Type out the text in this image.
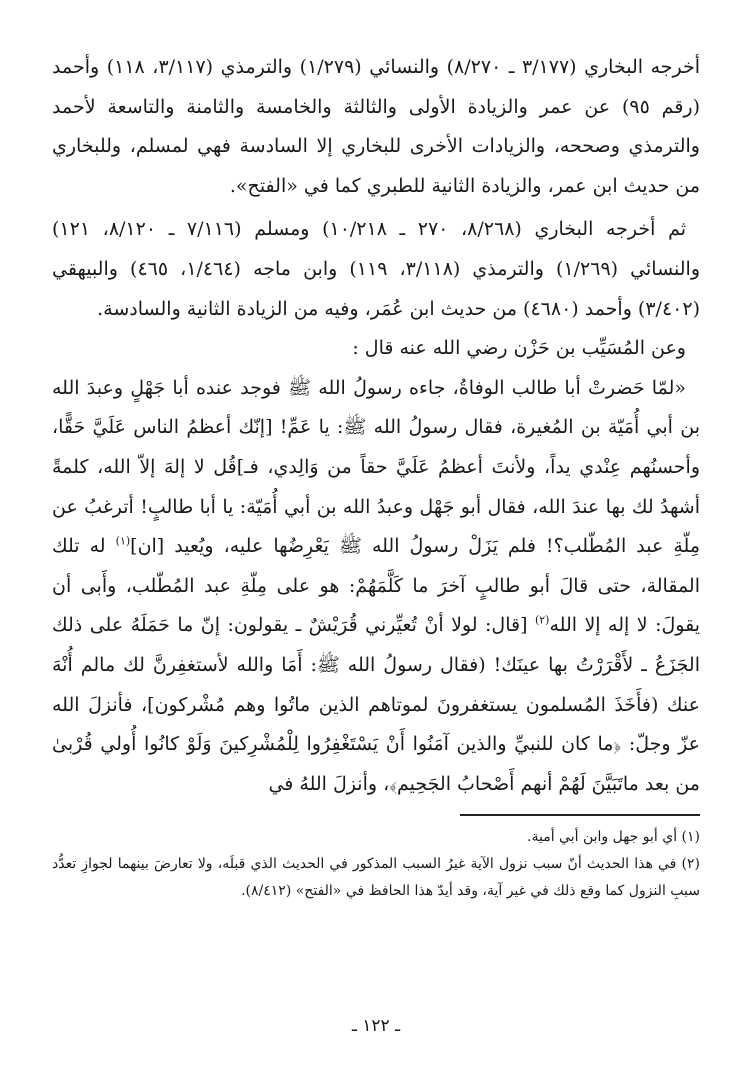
أخرجه البخاري (٣/١٧٧ ـ ٨/٢٧٠) والنسائي (١/٢٧٩) والترمذي (٣/١١٧، ١١٨) وأحمد (رقم ٩٥) عن عمر والزيادة الأولى والثالثة والخامسة والثامنة والتاسعة لأحمد والترمذي وصححه، والزيادات الأخرى للبخاري إلا السادسة فهي لمسلم، وللبخاري من حديث ابن عمر، والزيادة الثانية للطبري كما في «الفتح».

ثم أخرجه البخاري (٨/٢٦٨، ٢٧٠ ـ ١٠/٢١٨) ومسلم (٧/١١٦ ـ ٨/١٢٠، ١٢١) والنسائي (١/٢٦٩) والترمذي (٣/١١٨، ١١٩) وابن ماجه (١/٤٦٤، ٤٦٥) والبيهقي (٣/٤٠٢) وأحمد (٤٦٨٠) من حديث ابن عُمَر، وفيه من الزيادة الثانية والسادسة.

وعن المُسَيِّب بن حَزْن رضي الله عنه قال :

«لمّا حَضرتْ أبا طالب الوفاةُ، جاءه رسولُ الله ﷺ فوجد عنده أبا جَهْلٍ وعبدَ الله بن أبي أُمَيّة بن المُغيرة، فقال رسولُ الله ﷺ: يا عَمِّ! [إنّك أعظمُ الناس عَلَيَّ حَقًّا، وأحسنُهم عِنْدي يداً، ولأنتَ أعظمُ عَلَيَّ حقاً من وَالِدي، فـ]قُل لا إلهَ إلاّ الله، كلمةً أشهدُ لك بها عندَ الله، فقال أبو جَهْل وعبدُ الله بن أبي أُمَيّة: يا أبا طالبٍ! أترغبُ عن مِلّةِ عبد المُطّلب؟! فلم يَزَلْ رسولُ الله ﷺ يَعْرِضُها عليه، ويُعيد [ان]$^{(١)}$ له تلك المقالة، حتى قالَ أبو طالبٍ آخرَ ما كَلَّمَهُمْ: هو على مِلّةِ عبد المُطّلب، وأَبى أن يقولَ: لا إله إلا الله$^{(٢)}$ [قال: لولا أنْ تُعيِّرني قُرَيْشٌ ـ يقولون: إنّ ما حَمَلَهُ على ذلك الجَزَعُ ـ لأَقْرَرْتُ بها عينَك! (فقال رسولُ الله ﷺ: أَمَا والله لأستغفِرنَّ لك مالم أُنْهَ عنك (فأَخَذَ المُسلمون يستغفرونَ لموتاهم الذين ماتُوا وهم مُشْركون]، فأنزلَ الله عزّ وجلّ: ﴿ما كان للنبيِّ والذين آمَنُوا أَنْ يَسْتَغْفِرُوا لِلْمُشْرِكينَ وَلَوْ كانُوا أُولي قُرْبىٰ من بعد ماتَبَيَّنَ لَهُمْ أنهم أَصْحابُ الجَحِيم﴾، وأنزلَ اللهُ في

(١) أي أبو جهل وابن أبي أمية.

(٢) في هذا الحديث أنّ سبب نزول الآية غيرُ السبب المذكور في الحديث الذي قبلَه، ولا تعارضَ بينهما لجوازِ تعدُّد سببِ النزول كما وقع ذلك في غير آية، وقد أيدّ هذا الحافظ في «الفتح» (٨/٤١٢).

ـ ١٢٢ ـ
